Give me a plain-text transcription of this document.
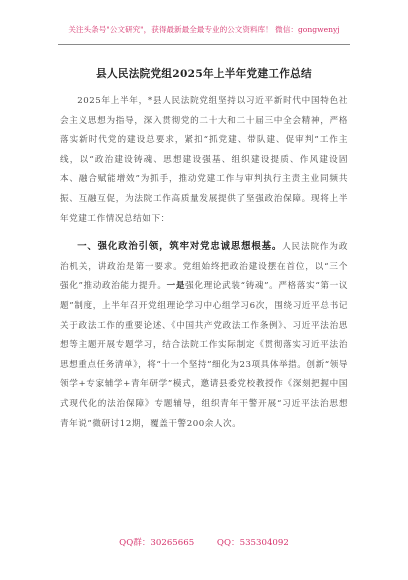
关注头条号"公文研究"，获得最新最全最专业的公文资料库！ 微信：gongwenyj
县人民法院党组2025年上半年党建工作总结

2025年上半年，*县人民法院党组坚持以习近平新时代中国特色社会主义思想为指导，深入贯彻党的二十大和二十届三中全会精神，严格落实新时代党的建设总要求，紧扣“抓党建、带队建、促审判”工作主线，以“政治建设铸魂、思想建设强基、组织建设提质、作风建设固本、融合赋能增效”为抓手，推动党建工作与审判执行主责主业同频共振、互融互促，为法院工作高质量发展提供了坚强政治保障。现将上半年党建工作情况总结如下：

一、强化政治引领，筑牢对党忠诚思想根基。人民法院作为政治机关，讲政治是第一要求。党组始终把政治建设摆在首位，以“三个强化”推动政治能力提升。一是强化理论武装“铸魂”。严格落实“第一议题”制度，上半年召开党组理论学习中心组学习6次，围绕习近平总书记关于政法工作的重要论述、《中国共产党政法工作条例》、习近平法治思想等主题开展专题学习，结合法院工作实际制定《贯彻落实习近平法治思想重点任务清单》，将“十一个坚持”细化为23项具体举措。创新“领导领学+专家辅学+青年研学”模式，邀请县委党校教授作《深刻把握中国式现代化的法治保障》专题辅导，组织青年干警开展“习近平法治思想青年说”微研讨12期，覆盖干警200余人次。

QQ群：30265665	QQ：535304092
